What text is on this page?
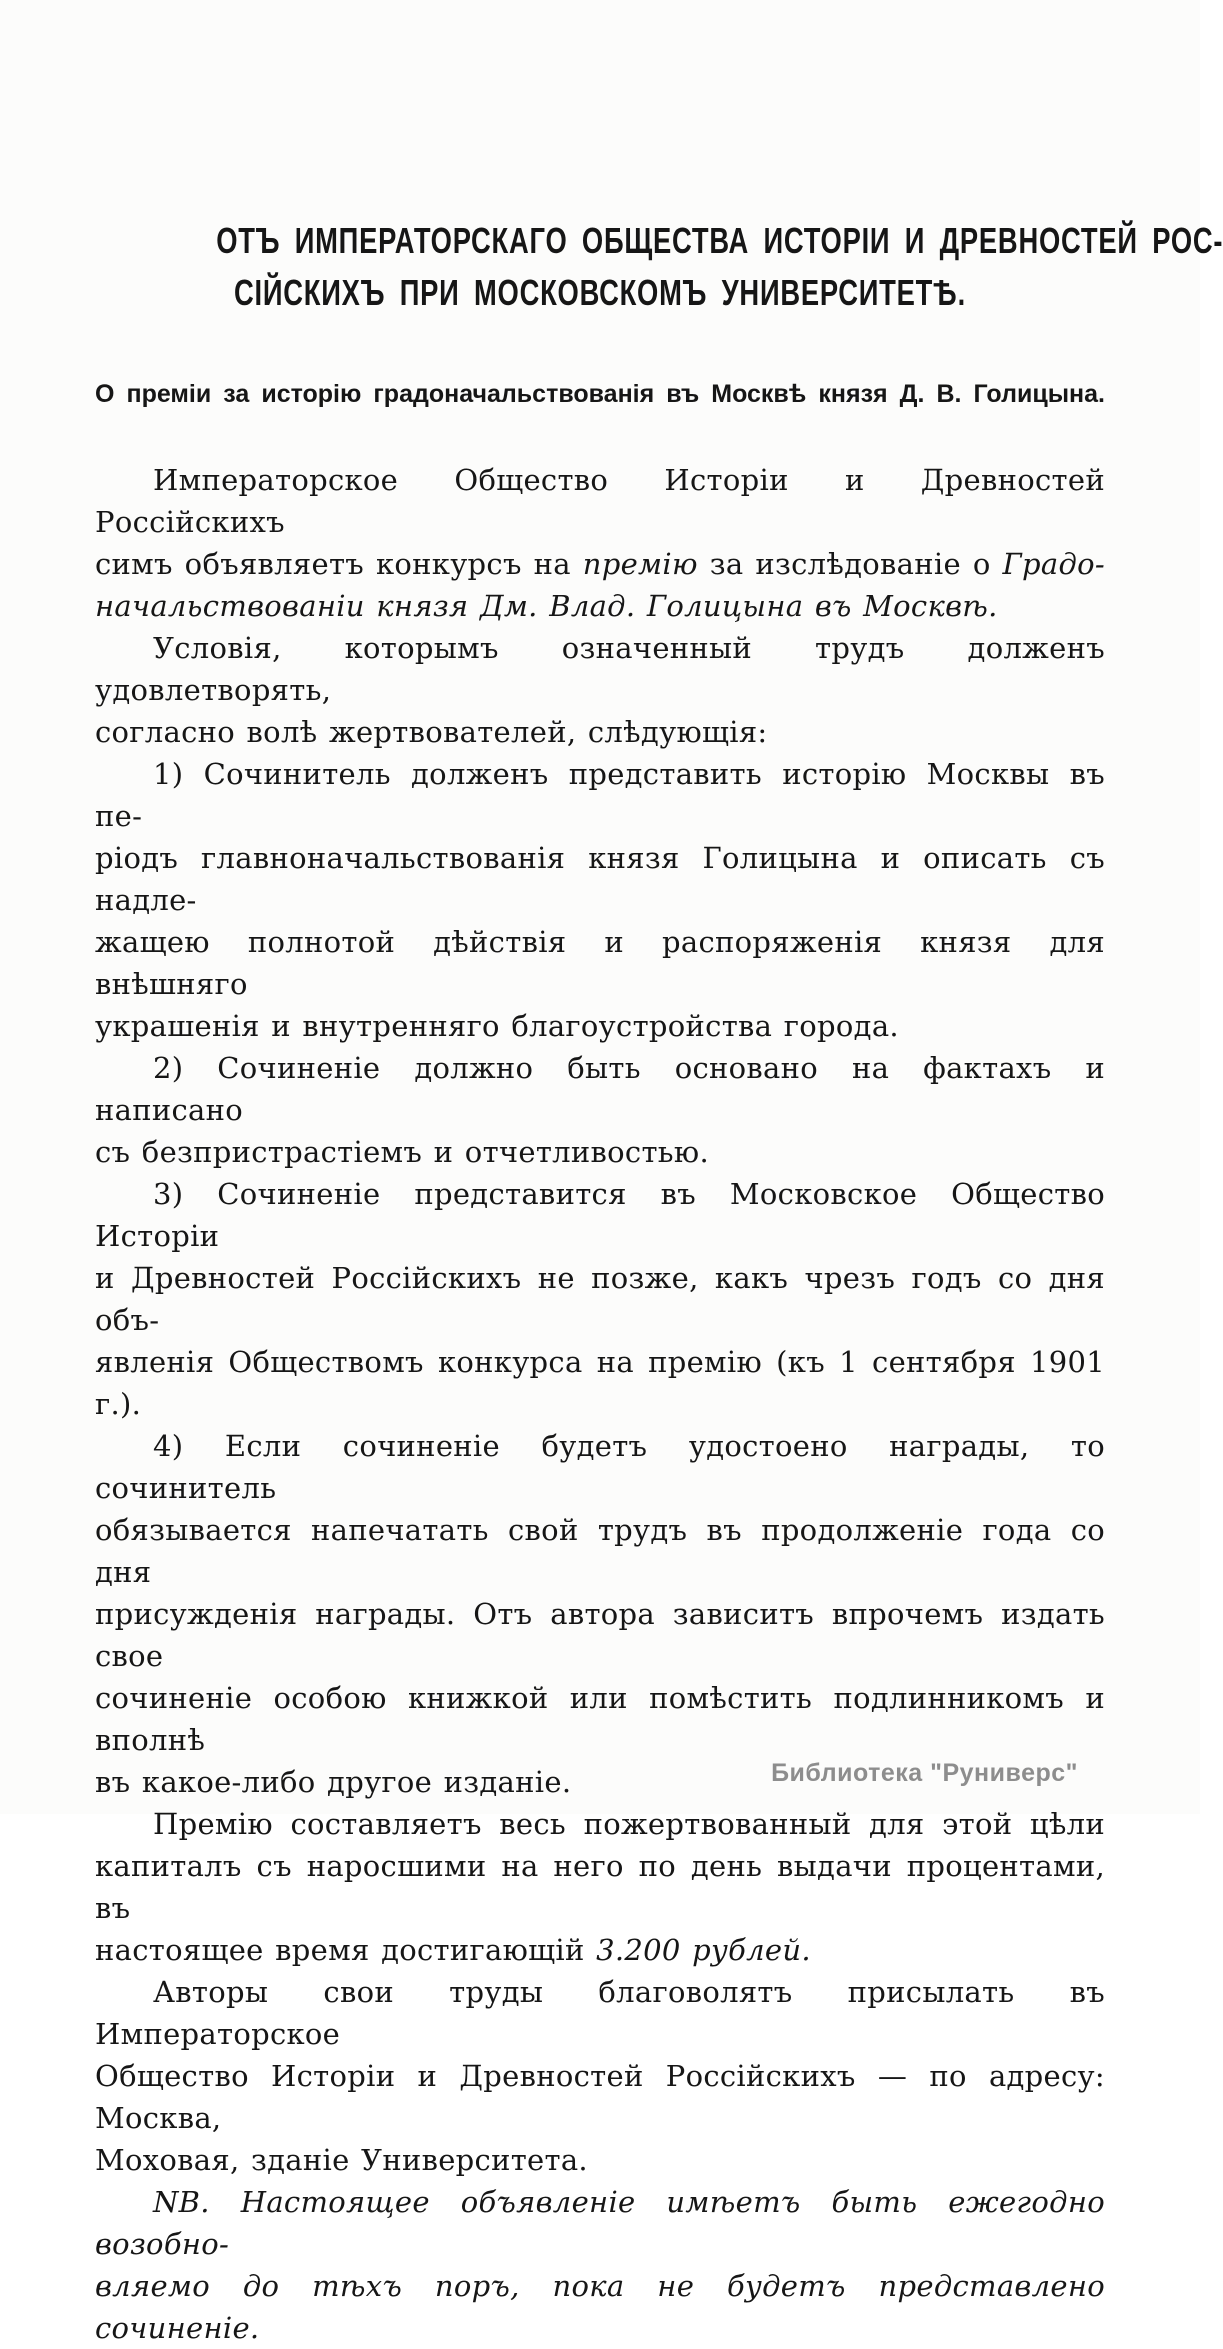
ОТЪ ИМПЕРАТОРСКАГО ОБЩЕСТВА ИСТОРІИ И ДРЕВНОСТЕЙ РОС-
СІЙСКИХЪ ПРИ МОСКОВСКОМЪ УНИВЕРСИТЕТѢ.
О преміи за исторію градоначальствованія въ Москвѣ князя Д. В. Голицына.
Императорское Общество Исторіи и Древностей Россійскихъ
симъ объявляетъ конкурсъ на премію за изслѣдованіе о Градо-
начальствованіи князя Дм. Влад. Голицына въ Москвѣ.
Условія, которымъ означенный трудъ долженъ удовлетворять,
согласно волѣ жертвователей, слѣдующія:
1) Сочинитель долженъ представить исторію Москвы въ пе-
ріодъ главноначальствованія князя Голицына и описать съ надле-
жащею полнотой дѣйствія и распоряженія князя для внѣшняго
украшенія и внутренняго благоустройства города.
2) Сочиненіе должно быть основано на фактахъ и написано
съ безпристрастіемъ и отчетливостью.
3) Сочиненіе представится въ Московское Общество Исторіи
и Древностей Россійскихъ не позже, какъ чрезъ годъ со дня объ-
явленія Обществомъ конкурса на премію (къ 1 сентября 1901 г.).
4) Если сочиненіе будетъ удостоено награды, то сочинитель
обязывается напечатать свой трудъ въ продолженіе года со дня
присужденія награды. Отъ автора зависитъ впрочемъ издать свое
сочиненіе особою книжкой или помѣстить подлинникомъ и вполнѣ
въ какое-либо другое изданіе.
Премію составляетъ весь пожертвованный для этой цѣли
капиталъ съ наросшими на него по день выдачи процентами, въ
настоящее время достигающій 3.200 рублей.
Авторы свои труды благоволятъ присылать въ Императорское
Общество Исторіи и Древностей Россійскихъ — по адресу: Москва,
Моховая, зданіе Университета.
NB. Настоящее объявленіе имѣетъ быть ежегодно возобно-
вляемо до тѣхъ поръ, пока не будетъ представлено сочиненіе.
Библиотека "Руниверс"
